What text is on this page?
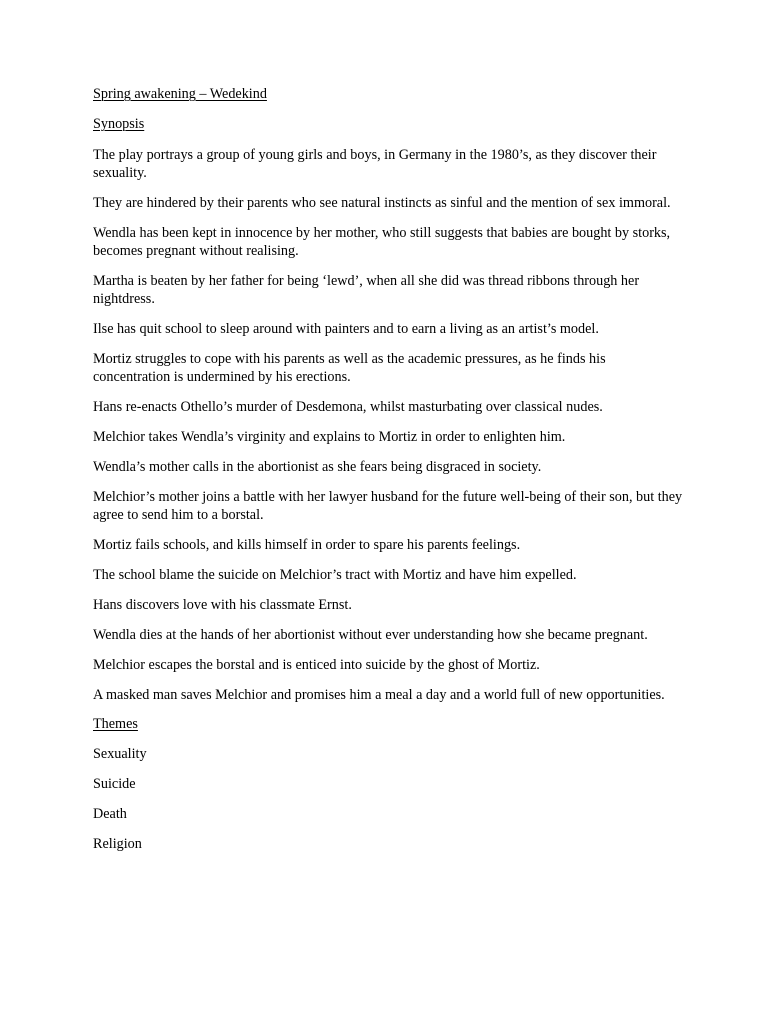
Spring awakening – Wedekind
Synopsis

The play portrays a group of young girls and boys, in Germany in the 1980’s, as they discover their sexuality.

They are hindered by their parents who see natural instincts as sinful and the mention of sex immoral.

Wendla has been kept in innocence by her mother, who still suggests that babies are bought by storks, becomes pregnant without realising.

Martha is beaten by her father for being ‘lewd’, when all she did was thread ribbons through her nightdress.

Ilse has quit school to sleep around with painters and to earn a living as an artist’s model.

Mortiz struggles to cope with his parents as well as the academic pressures, as he finds his concentration is undermined by his erections.

Hans re-enacts Othello’s murder of Desdemona, whilst masturbating over classical nudes.

Melchior takes Wendla’s virginity and explains to Mortiz in order to enlighten him.

Wendla’s mother calls in the abortionist as she fears being disgraced in society.

Melchior’s mother joins a battle with her lawyer husband for the future well-being of their son, but they agree to send him to a borstal.

Mortiz fails schools, and kills himself in order to spare his parents feelings.

The school blame the suicide on Melchior’s tract with Mortiz and have him expelled.

Hans discovers love with his classmate Ernst.

Wendla dies at the hands of her abortionist without ever understanding how she became pregnant.

Melchior escapes the borstal and is enticed into suicide by the ghost of Mortiz.

A masked man saves Melchior and promises him a meal a day and a world full of new opportunities.

Themes
Sexuality
Suicide
Death
Religion
